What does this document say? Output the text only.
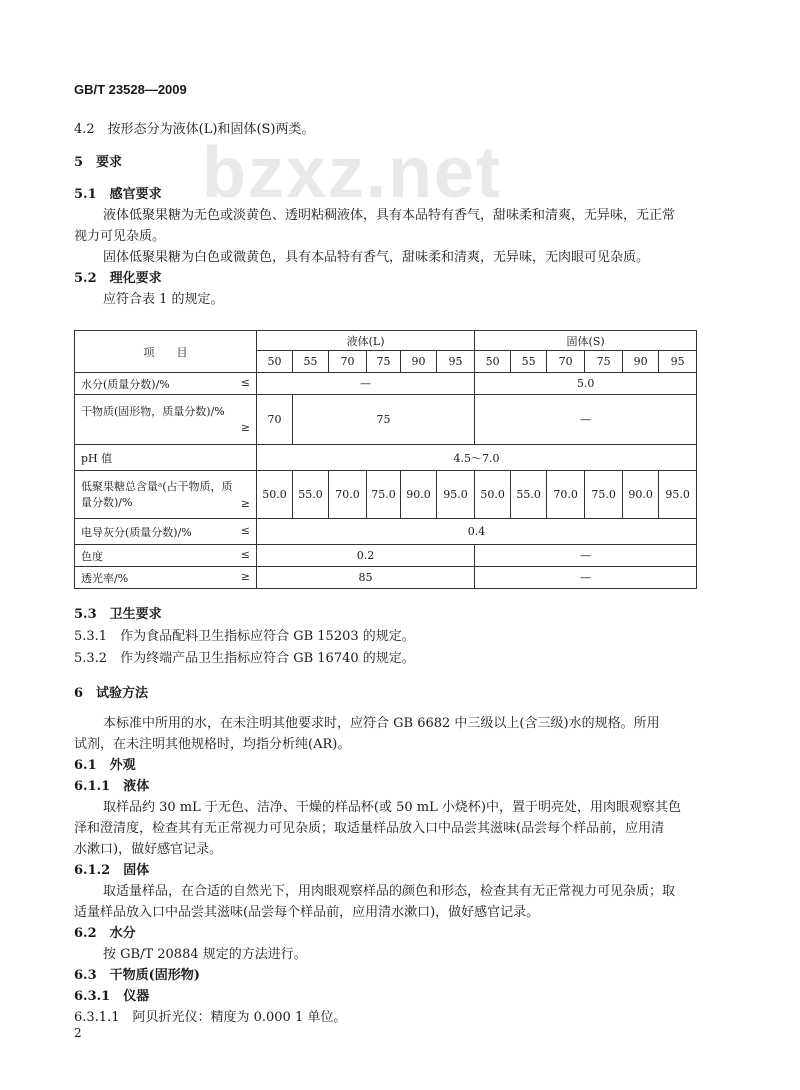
bzxz.net
GB/T 23528—2009
4.2　按形态分为液体(L)和固体(S)两类。
5　要求
5.1　感官要求
液体低聚果糖为无色或淡黄色、透明粘稠液体，具有本品特有香气，甜味柔和清爽，无异味，无正常
视力可见杂质。
固体低聚果糖为白色或微黄色，具有本品特有香气，甜味柔和清爽，无异味，无肉眼可见杂质。
5.2　理化要求
应符合表 1 的规定。
项　　目	液体(L)						固体(S)					
	50	55	70	75	90	95	50	55	70	75	90	95
水分(质量分数)/% ≤	—						5.0					

干物质(固形物，质量分数)/%
≥	70	75					—					
pH 值	4.5～7.0											

低聚果糖总含量ᵃ(占干物质，质
量分数)/% ≥	50.0	55.0	70.0	75.0	90.0	95.0	50.0	55.0	70.0	75.0	90.0	95.0
电导灰分(质量分数)/% ≤	0.4											
色度 ≤	0.2						—					
透光率/% ≥	85						—					
5.3　卫生要求
5.3.1　作为食品配料卫生指标应符合 GB 15203 的规定。
5.3.2　作为终端产品卫生指标应符合 GB 16740 的规定。
6　试验方法
本标准中所用的水，在未注明其他要求时，应符合 GB 6682 中三级以上(含三级)水的规格。所用
试剂，在未注明其他规格时，均指分析纯(AR)。
6.1　外观
6.1.1　液体
取样品约 30 mL 于无色、洁净、干燥的样品杯(或 50 mL 小烧杯)中，置于明亮处，用肉眼观察其色
泽和澄清度，检查其有无正常视力可见杂质；取适量样品放入口中品尝其滋味(品尝每个样品前，应用清
水漱口)，做好感官记录。
6.1.2　固体
取适量样品，在合适的自然光下，用肉眼观察样品的颜色和形态，检查其有无正常视力可见杂质；取
适量样品放入口中品尝其滋味(品尝每个样品前，应用清水漱口)，做好感官记录。
6.2　水分
按 GB/T 20884 规定的方法进行。
6.3　干物质(固形物)
6.3.1　仪器
6.3.1.1　阿贝折光仪：精度为 0.000 1 单位。
2
